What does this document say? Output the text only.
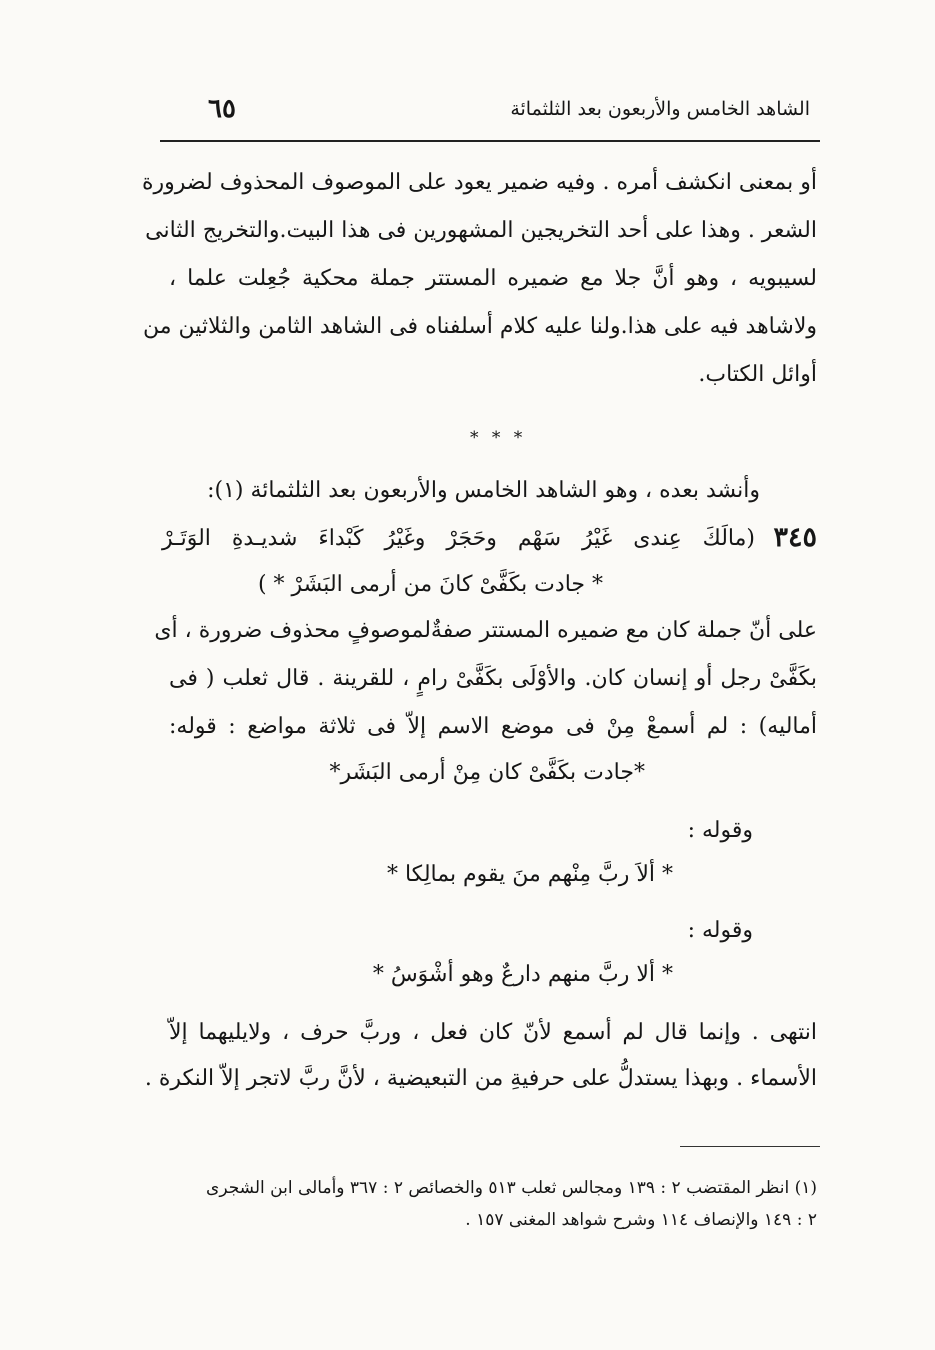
الشاهد الخامس والأربعون بعد الثلثمائة
٦٥
أو بمعنى انكشف أمره . وفيه ضمير يعود على الموصوف المحذوف لضرورة
الشعر . وهذا على أحد التخريجين المشهورين فى هذا البيت.والتخريج الثانى
لسيبويه ، وهو أنَّ جلا مع ضميره المستتر جملة محكية جُعِلت علما ،
ولاشاهد فيه على هذا.ولنا عليه كلام أسلفناه فى الشاهد الثامن والثلاثين من
أوائل الكتاب.
* * *
وأنشد بعده ، وهو الشاهد الخامس والأربعون بعد الثلثمائة (١):
٣٤٥
(مالَكَ عِندى غَيْرُ سَهْم وحَجَرْ وغَيْرُ كَبْداءَ شديـدةِ الوَتَـرْ
* جادت بكَفَّىْ كانَ من أرمى البَشَرْ * )
على أنّ جملة كان مع ضميره المستتر صفةٌلموصوفٍ محذوف ضرورة ، أى
بكَفَّىْ رجل أو إنسان كان. والأوْلَى بكَفَّىْ رامٍ ، للقرينة . قال ثعلب ( فى
أماليه) : لم أسمعْ مِنْ فى موضع الاسم إلاّ فى ثلاثة مواضع : قوله:
*جادت بكَفَّىْ كان مِنْ أرمى البَشَر*
وقوله :
* ألاَ ربَّ مِنْهم منَ يقوم بمالِكا *
وقوله :
* ألا ربَّ منهم دارعٌ وهو أشْوَسُ *
انتهى . وإنما قال لم أسمع لأنّ كان فعل ، وربَّ حرف ، ولايليهما إلاّ
الأسماء . وبهذا يستدلُّ على حرفيةِ من التبعيضية ، لأنَّ ربَّ لاتجر إلاّ النكرة .
(١) انظر المقتضب ٢ : ١٣٩ ومجالس ثعلب ٥١٣ والخصائص ٢ : ٣٦٧ وأمالى ابن الشجرى
٢ : ١٤٩ والإنصاف ١١٤ وشرح شواهد المغنى ١٥٧ .
